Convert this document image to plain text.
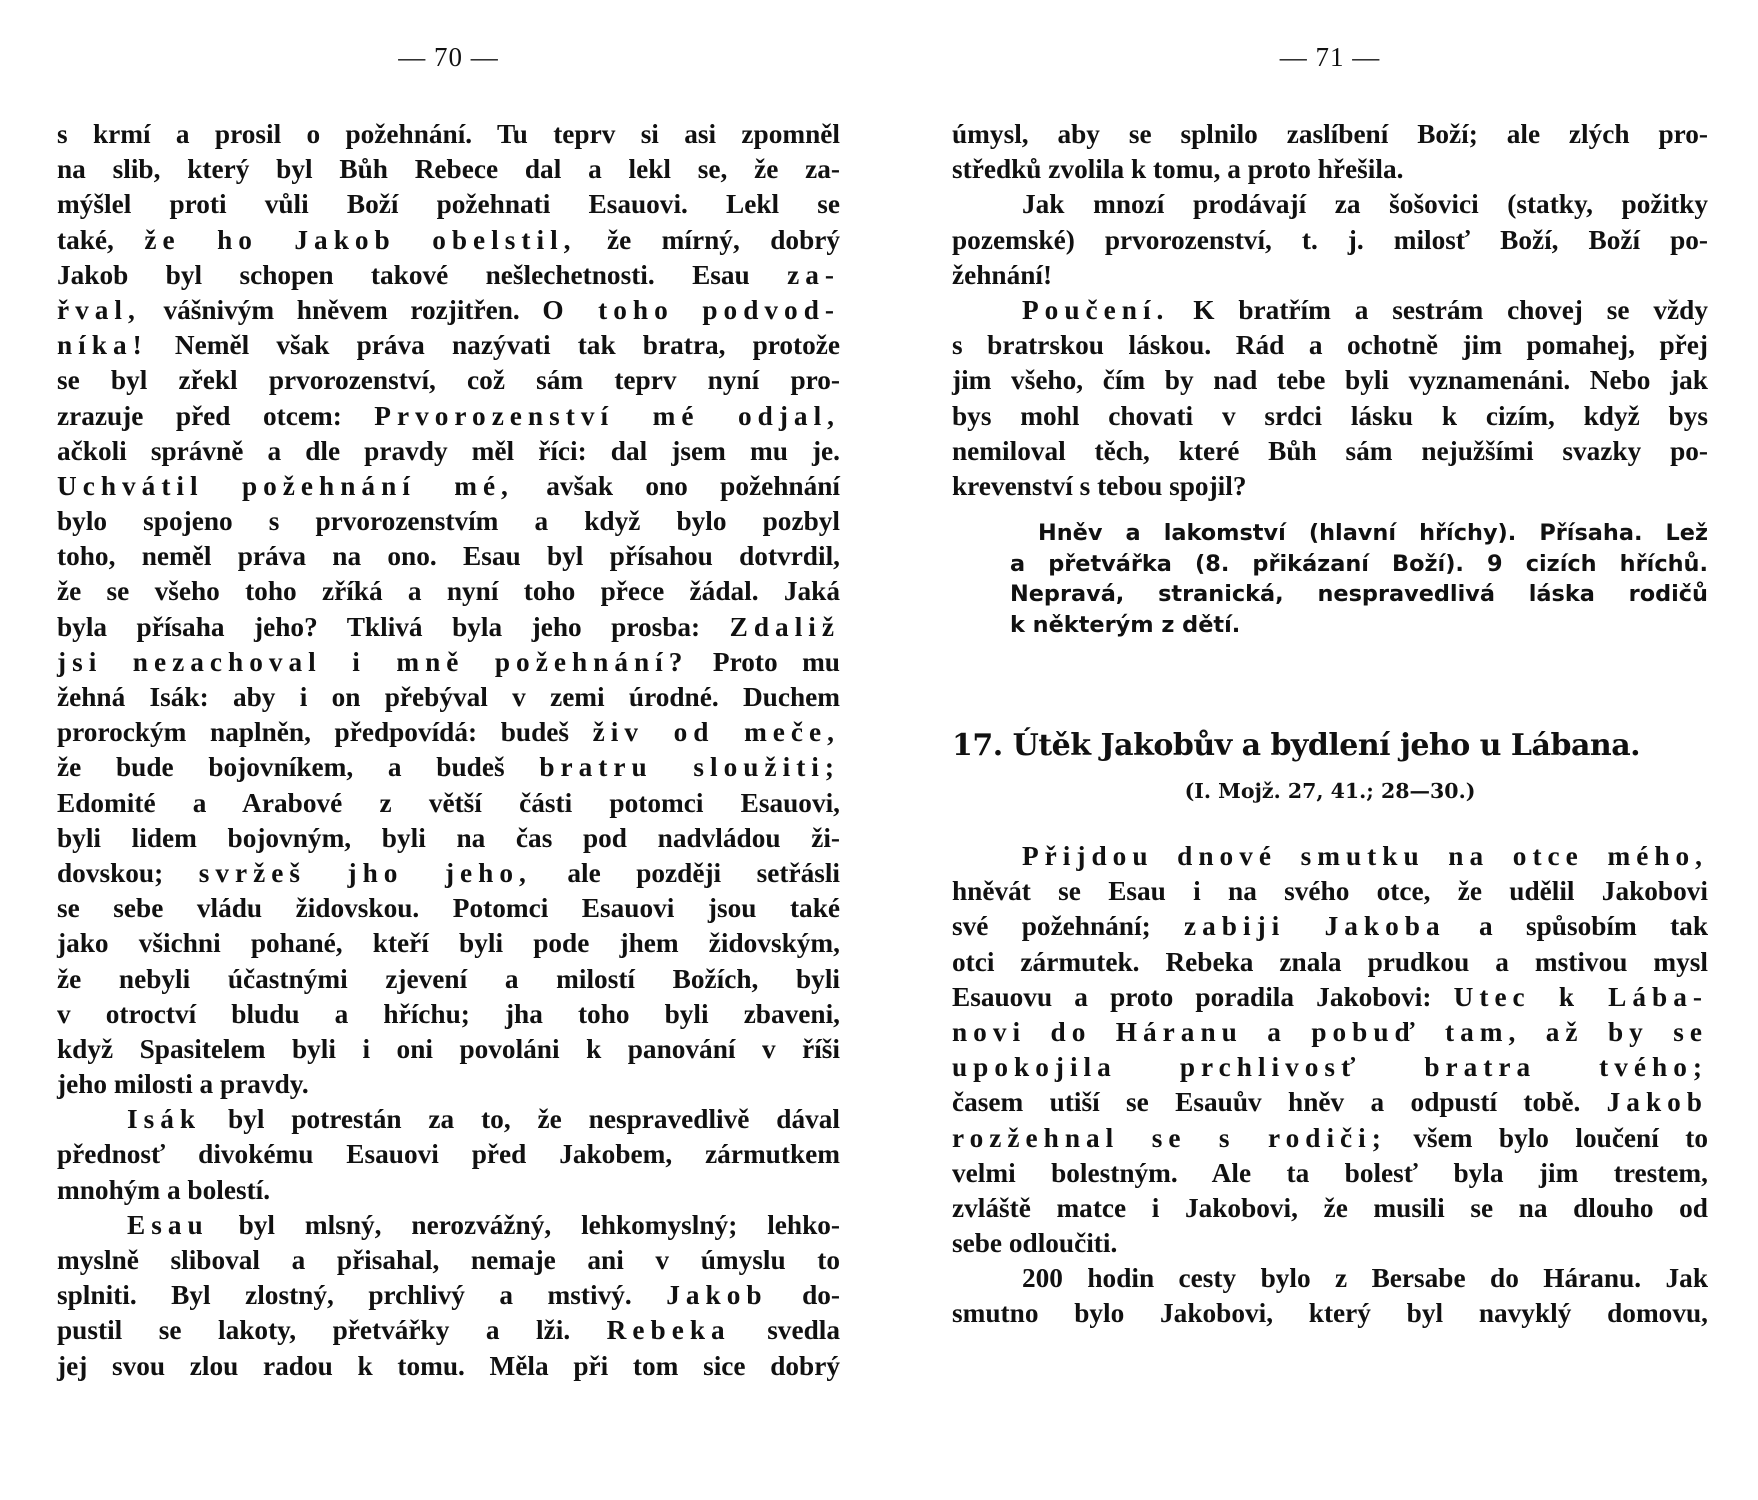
— 70 —
s krmí a prosil o požehnání. Tu teprv si asi zpomněl
na slib, který byl Bůh Rebece dal a lekl se, že za-
mýšlel proti vůli Boží požehnati Esauovi. Lekl se
také, že ho Jakob obelstil, že mírný, dobrý
Jakob byl schopen takové nešlechetnosti. Esau za-
řval, vášnivým hněvem rozjitřen. O toho podvod-
níka! Neměl však práva nazývati tak bratra, protože
se byl zřekl prvorozenství, což sám teprv nyní pro-
zrazuje před otcem: Prvorozenství mé odjal,
ačkoli správně a dle pravdy měl říci: dal jsem mu je.
Uchvátil požehnání mé, avšak ono požehnání
bylo spojeno s prvorozenstvím a když bylo pozbyl
toho, neměl práva na ono. Esau byl přísahou dotvrdil,
že se všeho toho zříká a nyní toho přece žádal. Jaká
byla přísaha jeho? Tklivá byla jeho prosba: Zdaliž
jsi nezachoval i mně požehnání? Proto mu
žehná Isák: aby i on přebýval v zemi úrodné. Duchem
prorockým naplněn, předpovídá: budeš živ od meče,
že bude bojovníkem, a budeš bratru sloužiti;
Edomité a Arabové z větší části potomci Esauovi,
byli lidem bojovným, byli na čas pod nadvládou ži-
dovskou; svržeš jho jeho, ale později setřásli
se sebe vládu židovskou. Potomci Esauovi jsou také
jako všichni pohané, kteří byli pode jhem židovským,
že nebyli účastnými zjevení a milostí Božích, byli
v otroctví bludu a hříchu; jha toho byli zbaveni,
když Spasitelem byli i oni povoláni k panování v říši
jeho milosti a pravdy.
Isák byl potrestán za to, že nespravedlivě dával
přednosť divokému Esauovi před Jakobem, zármutkem
mnohým a bolestí.
Esau byl mlsný, nerozvážný, lehkomyslný; lehko-
myslně sliboval a přisahal, nemaje ani v úmyslu to
splniti. Byl zlostný, prchlivý a mstivý. Jakob do-
pustil se lakoty, přetvářky a lži. Rebeka svedla
jej svou zlou radou k tomu. Měla při tom sice dobrý
— 71 —
úmysl, aby se splnilo zaslíbení Boží; ale zlých pro-
středků zvolila k tomu, a proto hřešila.
Jak mnozí prodávají za šošovici (statky, požitky
pozemské) prvorozenství, t. j. milosť Boží, Boží po-
žehnání!
Poučení. K bratřím a sestrám chovej se vždy
s bratrskou láskou. Rád a ochotně jim pomahej, přej
jim všeho, čím by nad tebe byli vyznamenáni. Nebo jak
bys mohl chovati v srdci lásku k cizím, když bys
nemiloval těch, které Bůh sám nejužšími svazky po-
krevenství s tebou spojil?
Hněv a lakomství (hlavní hříchy). Přísaha. Lež
a přetvářka (8. přikázaní Boží). 9 cizích hříchů.
Nepravá, stranická, nespravedlivá láska rodičů
k některým z dětí.
17. Útěk Jakobův a bydlení jeho u Lábana.
(I. Mojž. 27, 41.; 28—30.)
Přijdou dnové smutku na otce mého,
hněvát se Esau i na svého otce, že udělil Jakobovi
své požehnání; zabiji Jakoba a spůsobím tak
otci zármutek. Rebeka znala prudkou a mstivou mysl
Esauovu a proto poradila Jakobovi: Utec k Lába-
novi do Háranu a pobuď tam, až by se
upokojila prchlivosť bratra tvého;
časem utiší se Esauův hněv a odpustí tobě. Jakob
rozžehnal se s rodiči; všem bylo loučení to
velmi bolestným. Ale ta bolesť byla jim trestem,
zvláště matce i Jakobovi, že musili se na dlouho od
sebe odloučiti.
200 hodin cesty bylo z Bersabe do Háranu. Jak
smutno bylo Jakobovi, který byl navyklý domovu,
